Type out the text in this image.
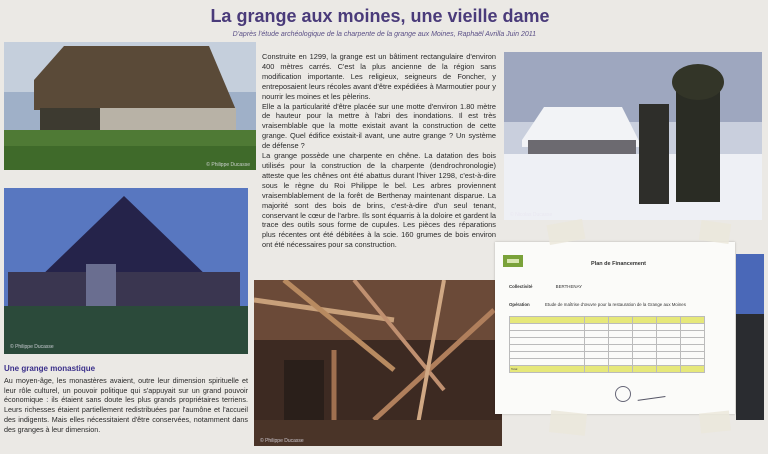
La grange aux moines, une vieille dame
D'après l'étude archéologique de la charpente de la grange aux Moines, Raphaël Avrilla Juin 2011
© Philippe Ducasse
© Nicolas Ducasse
© Philippe Ducasse
© Philippe Ducasse

Construite en 1299, la grange est un bâtiment rectangulaire d'environ 400 mètres carrés. C'est la plus ancienne de la région sans modification importante. Les religieux, seigneurs de Foncher, y entreposaient leurs récoles avant d'être expédiées à Marmoutier pour y nourrir les moines et les pèlerins.

Elle a la particularité d'être placée sur une motte d'environ 1.80 mètre de hauteur pour la mettre à l'abri des inondations. Il est très vraisemblable que la motte existait avant la construction de cette grange. Quel édifice existait-il avant, une autre grange ? Un système de défense ?

La grange possède une charpente en chêne. La datation des bois utilisés pour la construction de la charpente (dendrochronologie) atteste que les chênes ont été abattus durant l'hiver 1298, c'est-à-dire sous le règne du Roi Philippe le bel. Les arbres proviennent vraisemblablement de la forêt de Berthenay maintenant disparue. La majorité sont des bois de brins, c'est-à-dire d'un seul tenant, conservant le cœur de l'arbre. Ils sont équarris à la doloire et gardent la trace des outils sous forme de cupules. Les pièces des réparations plus récentes ont été débitées à la scie. 160 grumes de bois environ ont été nécessaires pour sa construction.

Une grange monastique
Au moyen-âge, les monastères avaient, outre leur dimension spirituelle et leur rôle culturel, un pouvoir politique qui s'appuyait sur un grand pouvoir économique : ils étaient sans doute les plus grands propriétaires terriens. Leurs richesses étaient partiellement redistribuées par l'aumône et l'accueil des indigents. Mais elles nécessitaient d'être conservées, notamment dans des granges à leur dimension.
Plan de Financement
Collectivité	BERTHENAY
Opération	Etude de maîtrise d'œuvre pour la restauration de la Grange aux Moines

Total					
